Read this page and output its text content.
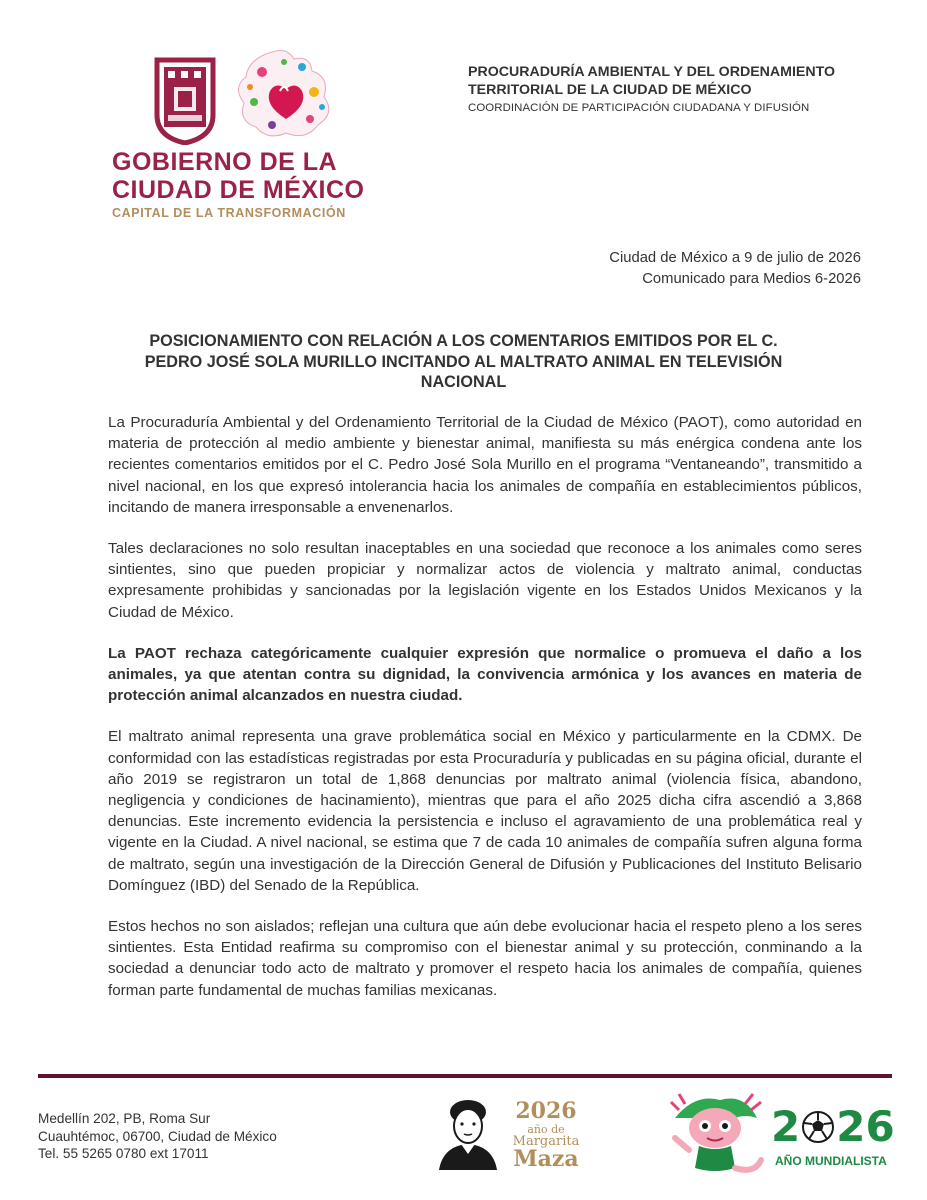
GOBIERNO DE LA
CIUDAD DE MÉXICO
CAPITAL DE LA TRANSFORMACIÓN
PROCURADURÍA AMBIENTAL Y DEL ORDENAMIENTO TERRITORIAL DE LA CIUDAD DE MÉXICO
COORDINACIÓN DE PARTICIPACIÓN CIUDADANA Y DIFUSIÓN
Ciudad de México a 9 de julio de 2026
Comunicado para Medios 6-2026
POSICIONAMIENTO CON RELACIÓN A LOS COMENTARIOS EMITIDOS POR EL C. PEDRO JOSÉ SOLA MURILLO INCITANDO AL MALTRATO ANIMAL EN TELEVISIÓN NACIONAL

La Procuraduría Ambiental y del Ordenamiento Territorial de la Ciudad de México (PAOT), como autoridad en materia de protección al medio ambiente y bienestar animal, manifiesta su más enérgica condena ante los recientes comentarios emitidos por el C. Pedro José Sola Murillo en el programa “Ventaneando”, transmitido a nivel nacional, en los que expresó intolerancia hacia los animales de compañía en establecimientos públicos, incitando de manera irresponsable a envenenarlos.

Tales declaraciones no solo resultan inaceptables en una sociedad que reconoce a los animales como seres sintientes, sino que pueden propiciar y normalizar actos de violencia y maltrato animal, conductas expresamente prohibidas y sancionadas por la legislación vigente en los Estados Unidos Mexicanos y la Ciudad de México.

La PAOT rechaza categóricamente cualquier expresión que normalice o promueva el daño a los animales, ya que atentan contra su dignidad, la convivencia armónica y los avances en materia de protección animal alcanzados en nuestra ciudad.

El maltrato animal representa una grave problemática social en México y particularmente en la CDMX. De conformidad con las estadísticas registradas por esta Procuraduría y publicadas en su página oficial, durante el año 2019 se registraron un total de 1,868 denuncias por maltrato animal (violencia física, abandono, negligencia y condiciones de hacinamiento), mientras que para el año 2025 dicha cifra ascendió a 3,868 denuncias. Este incremento evidencia la persistencia e incluso el agravamiento de una problemática real y vigente en la Ciudad. A nivel nacional, se estima que 7 de cada 10 animales de compañía sufren alguna forma de maltrato, según una investigación de la Dirección General de Difusión y Publicaciones del Instituto Belisario Domínguez (IBD) del Senado de la República.

Estos hechos no son aislados; reflejan una cultura que aún debe evolucionar hacia el respeto pleno a los seres sintientes. Esta Entidad reafirma su compromiso con el bienestar animal y su protección, conminando a la sociedad a denunciar todo acto de maltrato y promover el respeto hacia los animales de compañía, quienes forman parte fundamental de muchas familias mexicanas.

Medellín 202, PB, Roma Sur
Cuauhtémoc, 06700, Ciudad de México
Tel. 55 5265 0780 ext 17011
2026
año de
Margarita
Maza
2 26
AÑO MUNDIALISTA
